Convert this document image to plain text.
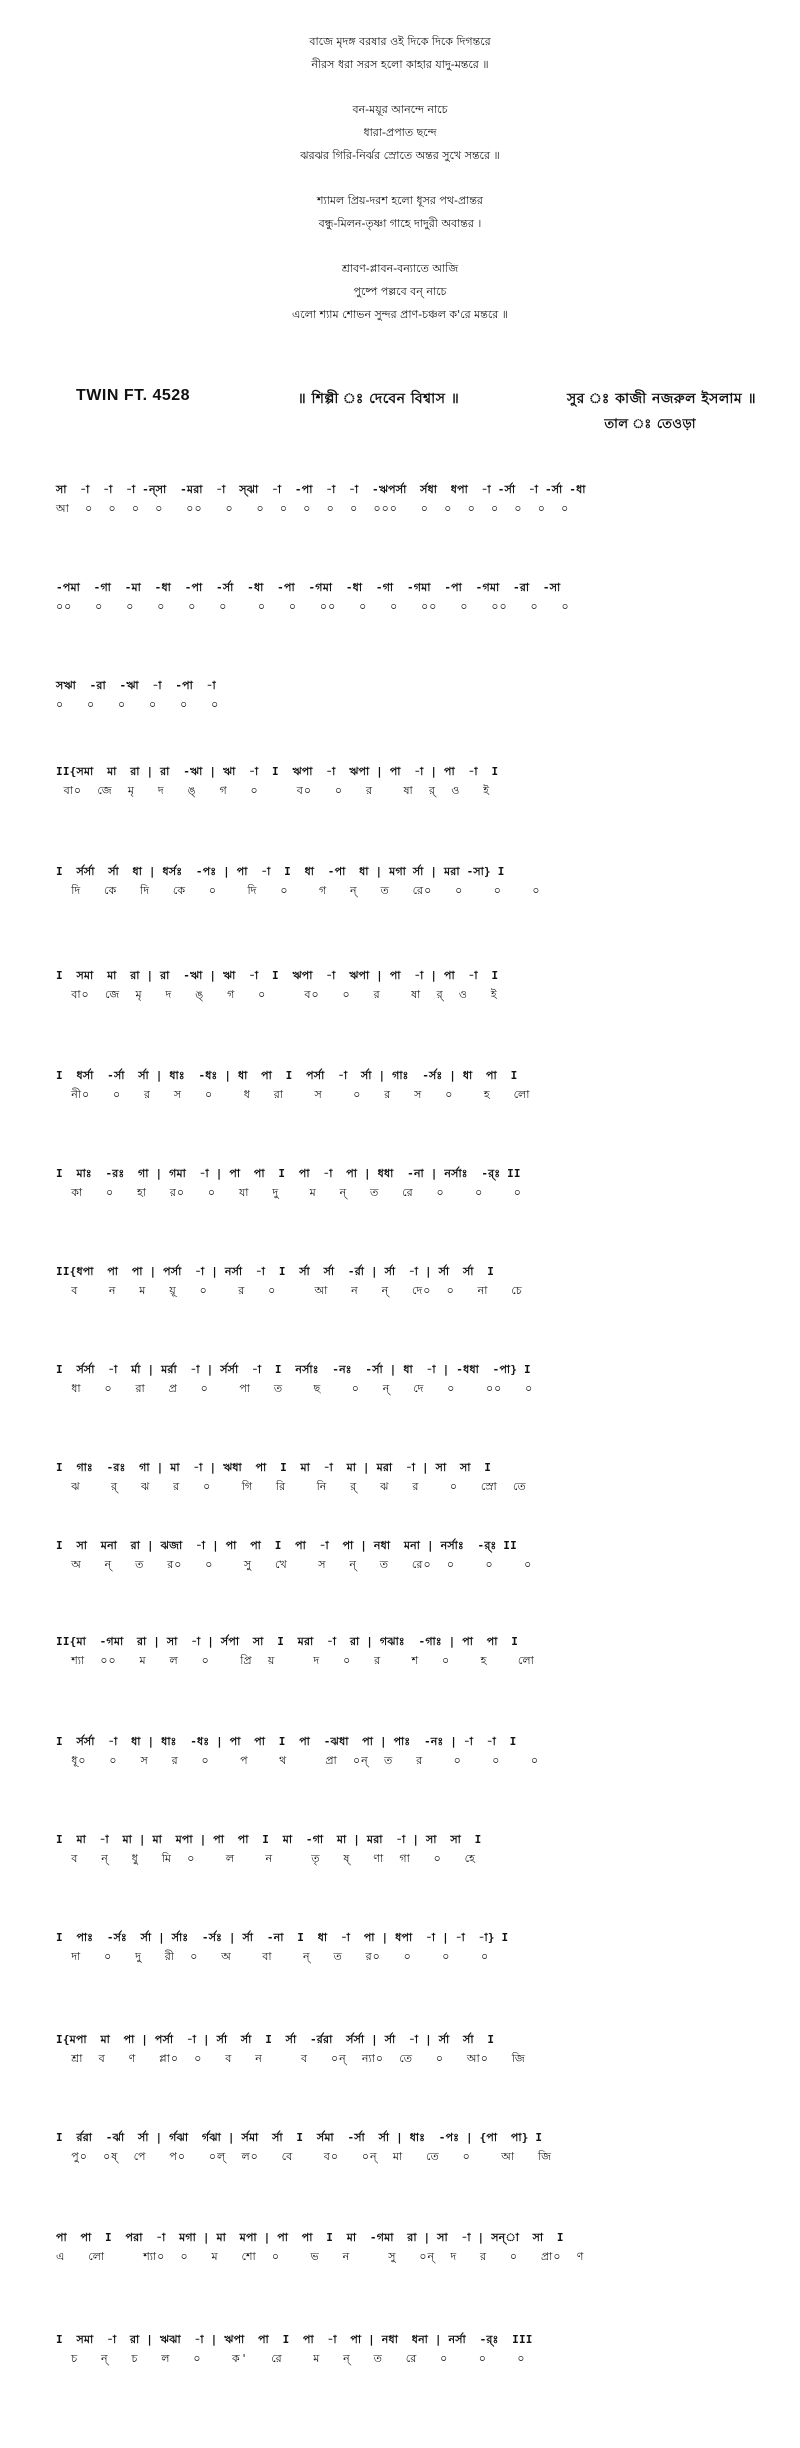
বাজে মৃদঙ্গ বরষার ওই দিকে দিকে দিগন্তরে
নীরস ধরা সরস হলো কাহার যাদু-মন্তরে ॥
বন-ময়ূর আনন্দে নাচে
ধারা-প্রপাত ছন্দে
ঝরঝর গিরি-নির্ঝর স্রোতে অন্তর সুখে সন্তরে ॥
শ্যামল প্রিয়-দরশ হলো ধূসর পথ-প্রান্তর
বন্ধু-মিলন-তৃষ্ণা গাহে দাদুরী অবান্তর ।
শ্রাবণ-প্লাবন-বন্যাতে আজি
পুষ্পে পল্লবে বন্ নাচে
এলো শ্যাম শোভন সুন্দর প্রাণ-চঞ্চল ক'রে মন্তরে ॥
TWIN FT. 4528	॥ শিল্পী ঃ দেবেন বিশ্বাস ॥	সুর ঃ কাজী নজরুল ইসলাম ॥
তাল ঃ তেওড়া
সা  -া  -া  -া -ন্‌সা  -মরা  -া  স্ঝা  -া  -পা  -া  -া  -ঋপর্সা  র্সধা  ধপা  -া -র্সা  -া -র্সা -ধা
আ  ০  ০  ০  ০   ০০   ০   ০  ০  ০  ০  ০  ০০০   ০  ০  ০  ০  ০  ০  ০
-পমা  -গা  -মা  -ধা  -পা  -র্সা  -ধা  -পা  -গমা  -ধা  -গা  -গমা  -পা  -গমা  -রা  -সা
০০   ০   ০   ০   ০   ০    ০   ০   ০০   ০   ০   ০০   ০   ০০   ০   ০
সঋা  -রা  -ঋা  -া  -পা  -া
০   ০   ০   ০   ০   ০
II{সমা  মা  রা | রা  -ঋা | ঋা  -া  I  ঋপা  -া  ঋপা | পা  -া | পা  -া  I
বা০  জে  মৃ   দ   ঙ্‌   গ   ০     ব০   ০   র    ষা  র্‌  ও   ই
I  র্সর্সা  র্সা  ধা | ধর্সঃ  -পঃ | পা  -া  I  ধা  -পা  ধা | মগা র্সা | মরা -সা} I
দি   কে   দি   কে   ০    দি   ০    গ   ন্‌   ত   রে০   ০    ০    ০
I  সমা  মা  রা | রা  -ঋা | ঋা  -া  I  ঋপা  -া  ঋপা | পা  -া | পা  -া  I
বা০  জে  মৃ   দ   ঙ্‌   গ   ০     ব০   ০   র    ষা  র্‌  ও   ই
I  ধর্সা  -র্সা  র্সা | ধাঃ  -ধঃ | ধা  পা  I  পর্সা  -া  র্সা | গাঃ  -র্সঃ | ধা  পা  I
নী০   ০   র   স   ০    ধ   রা    স    ০   র   স   ০    হ   লো
I  মাঃ  -রঃ  গা | গমা  -া | পা  পা  I  পা  -া  পা | ধধা  -না | নর্সাঃ  -র্ঃ II
কা   ০   হা   র০   ০   যা   দু    ম   ন্‌   ত   রে   ০    ০    ০
II{ধপা  পা  পা | পর্সা  -া | নর্সা  -া  I  র্সা  র্সা  -র্রা | র্সা  -া | র্সা  র্সা  I
ব    ন   ম   য়ূ   ০    র   ০     আ   ন   ন্‌   দে০  ০   না   চে
I  র্সর্সা  -া  র্মা | মর্রা  -া | র্সর্সা  -া  I  নর্সাঃ  -নঃ  -র্সা | ধা  -া | -ধধা  -পা} I
ধা   ০   রা   প্র   ০    পা   ত    ছ    ০   ন্‌   দে   ০    ০০   ০
I  গাঃ  -রঃ  গা | মা  -া | ঋধা  পা  I  মা  -া  মা | মরা  -া | সা  সা  I
ঝ    র্‌   ঝ   র   ০    গি   রি    নি   র্‌   ঝ   র    ০   স্রো  তে
I  সা  মনা  রা | ঝজা  -া | পা  পা  I  পা  -া  পা | নধা  মনা | নর্সাঃ  -র্ঃ II
অ   ন্‌   ত   র০   ০    সু   খে    স   ন্‌   ত   রে০  ০    ০    ০
II{মা  -গমা  রা | সা  -া | র্সপা  সা  I  মরা  -া  রা | গঝাঃ  -গাঃ | পা  পা  I
শ্যা  ০০   ম   ল   ০    প্রি  য়     দ   ০   র    শ   ০    হ    লো
I  র্সর্সা  -া  ধা | ধাঃ  -ধঃ | পা  পা  I  পা  -ঝধা  পা | পাঃ  -নঃ | -া  -া  I
ধূ০   ০   স   র   ০    প    থ     প্রা  ০ন্‌  ত   র    ০    ০    ০
I  মা  -া  মা | মা  মপা | পা  পা  I  মা  -গা  মা | মরা  -া | সা  সা  I
ব   ন্‌   ধু   মি  ০    ল    ন     তৃ   ষ্‌   ণা  গা   ০   হে
I  পাঃ  -র্সঃ  র্সা | র্সাঃ  -র্সঃ | র্সা  -না  I  ধা  -া  পা | ধপা  -া | -া  -া} I
দা   ০   দু   রী  ০   অ    বা    ন্‌   ত   র০   ০    ০    ০
I{মপা  মা  পা | পর্সা  -া | র্সা  র্সা  I  র্সা  -র্ররা  র্সর্সা | র্সা  -া | র্সা  র্সা  I
শ্রা  ব   ণ   প্লা০  ০   ব   ন     ব   ০ন্‌  ন্যা০  তে   ০   আ০   জি
I  র্ররা  -র্ঝা  র্সা | র্গঝা  র্গঝা | র্সমা  র্সা  I  র্সমা  -র্সা  র্সা | ধাঃ  -পঃ | {পা  পা} I
পু০  ০ষ্‌  পে   প০   ০ল্‌  ল০   বে    ব০   ০ন্‌  মা   তে   ০    আ   জি
পা  পা  I  পরা  -া  মগা | মা  মপা | পা  পা  I  মা  -গমা  রা | সা  -া | সন্‌া  সা  I
এ   লো     শ্যা০  ০   ম   শো  ০    ভ   ন     সু   ০ন্‌  দ   র   ০   প্রা০  ণ
I  সমা  -া  রা | ঋঝা  -া | ঋপা  পা  I  পা  -া  পা | নধা  ধনা | নর্সা  -র্ঃ  III
চ   ন্‌   চ   ল   ০    ক'   রে    ম   ন্‌   ত   রে   ০    ০    ০
